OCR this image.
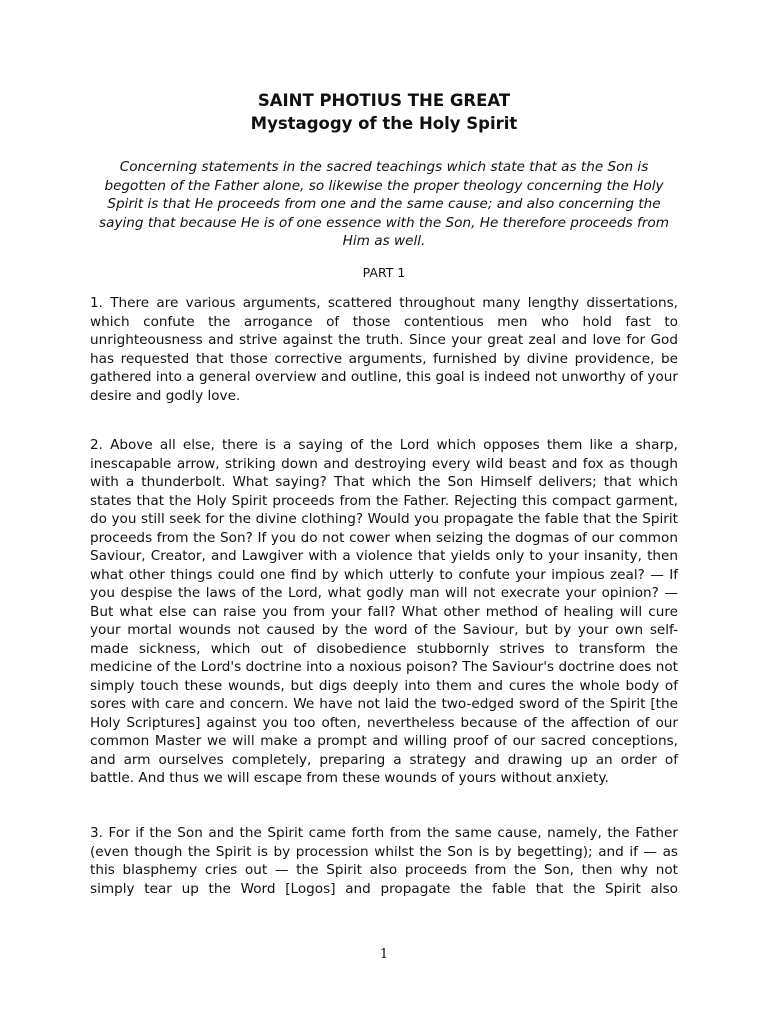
SAINT PHOTIUS THE GREAT
Mystagogy of the Holy Spirit

Concerning statements in the sacred teachings which state that as the Son is begotten of the Father alone, so likewise the proper theology concerning the Holy Spirit is that He proceeds from one and the same cause; and also concerning the saying that because He is of one essence with the Son, He therefore proceeds from Him as well.

PART 1

1. There are various arguments, scattered throughout many lengthy dissertations, which confute the arrogance of those contentious men who hold fast to unrighteousness and strive against the truth. Since your great zeal and love for God has requested that those corrective arguments, furnished by divine providence, be gathered into a general overview and outline, this goal is indeed not unworthy of your desire and godly love.

2. Above all else, there is a saying of the Lord which opposes them like a sharp, inescapable arrow, striking down and destroying every wild beast and fox as though with a thunderbolt. What saying? That which the Son Himself delivers; that which states that the Holy Spirit proceeds from the Father. Rejecting this compact garment, do you still seek for the divine clothing? Would you propagate the fable that the Spirit proceeds from the Son? If you do not cower when seizing the dogmas of our common Saviour, Creator, and Lawgiver with a violence that yields only to your insanity, then what other things could one find by which utterly to confute your impious zeal? — If you despise the laws of the Lord, what godly man will not execrate your opinion? — But what else can raise you from your fall? What other method of healing will cure your mortal wounds not caused by the word of the Saviour, but by your own self-made sickness, which out of disobedience stubbornly strives to transform the medicine of the Lord's doctrine into a noxious poison? The Saviour's doctrine does not simply touch these wounds, but digs deeply into them and cures the whole body of sores with care and concern. We have not laid the two-edged sword of the Spirit [the Holy Scriptures] against you too often, nevertheless because of the affection of our common Master we will make a prompt and willing proof of our sacred conceptions, and arm ourselves completely, preparing a strategy and drawing up an order of battle. And thus we will escape from these wounds of yours without anxiety.

3. For if the Son and the Spirit came forth from the same cause, namely, the Father (even though the Spirit is by procession whilst the Son is by begetting); and if — as this blasphemy cries out — the Spirit also proceeds from the Son, then why not simply tear up the Word [Logos] and propagate the fable that the Spirit also

1
